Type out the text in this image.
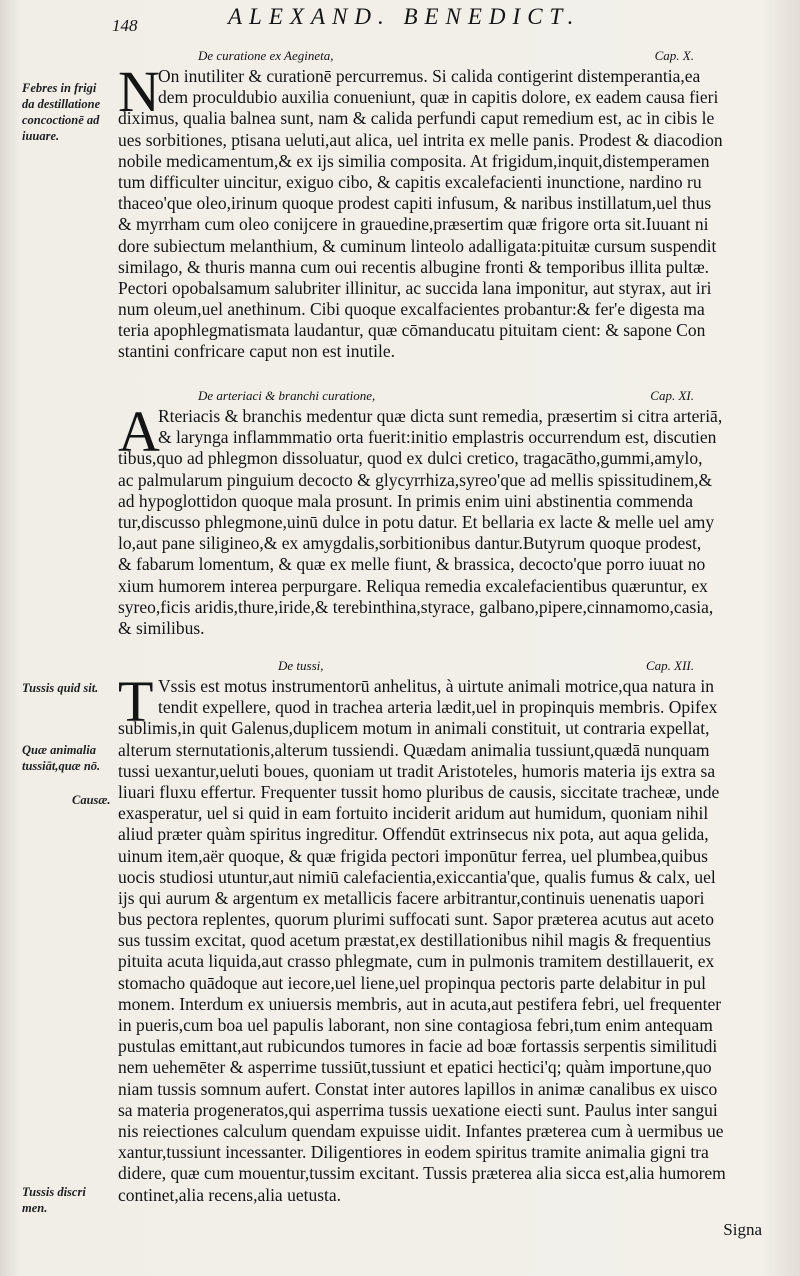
148	ALEXAND. BENEDICT.
De curatione ex Aegineta,	Cap. X.
N
On inutiliter & curationē percurremus. Si calida contigerint distemperantia,ea
dem proculdubio auxilia conueniunt, quæ in capitis dolore, ex eadem causa fieri
diximus, qualia balnea sunt, nam & calida perfundi caput remedium est, ac in cibis le
ues sorbitiones, ptisana ueluti,aut alica, uel intrita ex melle panis. Prodest & diacodion
nobile medicamentum,& ex ijs similia composita. At frigidum,inquit,distemperamen
tum difficulter uincitur, exiguo cibo, & capitis excalefacienti inunctione, nardino ru
thaceo'que oleo,irinum quoque prodest capiti infusum, & naribus instillatum,uel thus
& myrrham cum oleo conijcere in grauedine,præsertim quæ frigore orta sit.Iuuant ni
dore subiectum melanthium, & cuminum linteolo adalligata:pituitæ cursum suspendit
similago, & thuris manna cum oui recentis albugine fronti & temporibus illita pultæ.
Pectori opobalsamum salubriter illinitur, ac succida lana imponitur, aut styrax, aut iri
num oleum,uel anethinum. Cibi quoque excalfacientes probantur:& fer'e digesta ma
teria apophlegmatismata laudantur, quæ cōmanducatu pituitam cient: & sapone Con
stantini confricare caput non est inutile.
De arteriaci & branchi curatione,	Cap. XI.
A
Rteriacis & branchis medentur quæ dicta sunt remedia, præsertim si citra arteriā,
& larynga inflammmatio orta fuerit:initio emplastris occurrendum est, discutien
tibus,quo ad phlegmon dissoluatur, quod ex dulci cretico, tragacātho,gummi,amylo,
ac palmularum pinguium decocto & glycyrrhiza,syreo'que ad mellis spissitudinem,&
ad hypoglottidon quoque mala prosunt. In primis enim uini abstinentia commenda
tur,discusso phlegmone,uinū dulce in potu datur. Et bellaria ex lacte & melle uel amy
lo,aut pane siligineo,& ex amygdalis,sorbitionibus dantur.Butyrum quoque prodest,
& fabarum lomentum, & quæ ex melle fiunt, & brassica, decocto'que porro iuuat no
xium humorem interea perpurgare. Reliqua remedia excalefacientibus quæruntur, ex
syreo,ficis aridis,thure,iride,& terebinthina,styrace, galbano,pipere,cinnamomo,casia,
& similibus.
De tussi,	Cap. XII.
T Vssis est motus instrumentorū anhelitus, à uirtute animali motrice,qua natura in
tendit expellere, quod in trachea arteria lædit,uel in propinquis membris. Opifex
sublimis,in quit Galenus,duplicem motum in animali constituit, ut contraria expellat,
alterum sternutationis,alterum tussiendi. Quædam animalia tussiunt,quædā nunquam
tussi uexantur,ueluti boues, quoniam ut tradit Aristoteles, humoris materia ijs extra sa
liuari fluxu effertur. Frequenter tussit homo pluribus de causis, siccitate tracheæ, unde
exasperatur, uel si quid in eam fortuito inciderit aridum aut humidum, quoniam nihil
aliud præter quàm spiritus ingreditur. Offendūt extrinsecus nix pota, aut aqua gelida,
uinum item,aër quoque, & quæ frigida pectori imponūtur ferrea, uel plumbea,quibus
uocis studiosi utuntur,aut nimiū calefacientia,exiccantia'que, qualis fumus & calx, uel
ijs qui aurum & argentum ex metallicis facere arbitrantur,continuis uenenatis uapori
bus pectora replentes, quorum plurimi suffocati sunt. Sapor præterea acutus aut aceto
sus tussim excitat, quod acetum præstat,ex destillationibus nihil magis & frequentius
pituita acuta liquida,aut crasso phlegmate, cum in pulmonis tramitem destillauerit, ex
stomacho quādoque aut iecore,uel liene,uel propinqua pectoris parte delabitur in pul
monem. Interdum ex uniuersis membris, aut in acuta,aut pestifera febri, uel frequenter
in pueris,cum boa uel papulis laborant, non sine contagiosa febri,tum enim antequam
pustulas emittant,aut rubicundos tumores in facie ad boæ fortassis serpentis similitudi
nem uehemēter & asperrime tussiūt,tussiunt et epatici hectici'q; quàm importune,quo
niam tussis somnum aufert. Constat inter autores lapillos in animæ canalibus ex uisco
sa materia progeneratos,qui asperrima tussis uexatione eiecti sunt. Paulus inter sangui
nis reiectiones calculum quendam expuisse uidit. Infantes præterea cum à uermibus ue
xantur,tussiunt incessanter. Diligentiores in eodem spiritus tramite animalia gigni tra
didere, quæ cum mouentur,tussim excitant. Tussis præterea alia sicca est,alia humorem
continet,alia recens,alia uetusta.
Febres in frigi
da destillatione
concoctionē ad
iuuare.
Tussis quid sit.
Quæ animalia
tussiāt,quæ nō.
Causæ.
Tussis discri
men.
Signa
